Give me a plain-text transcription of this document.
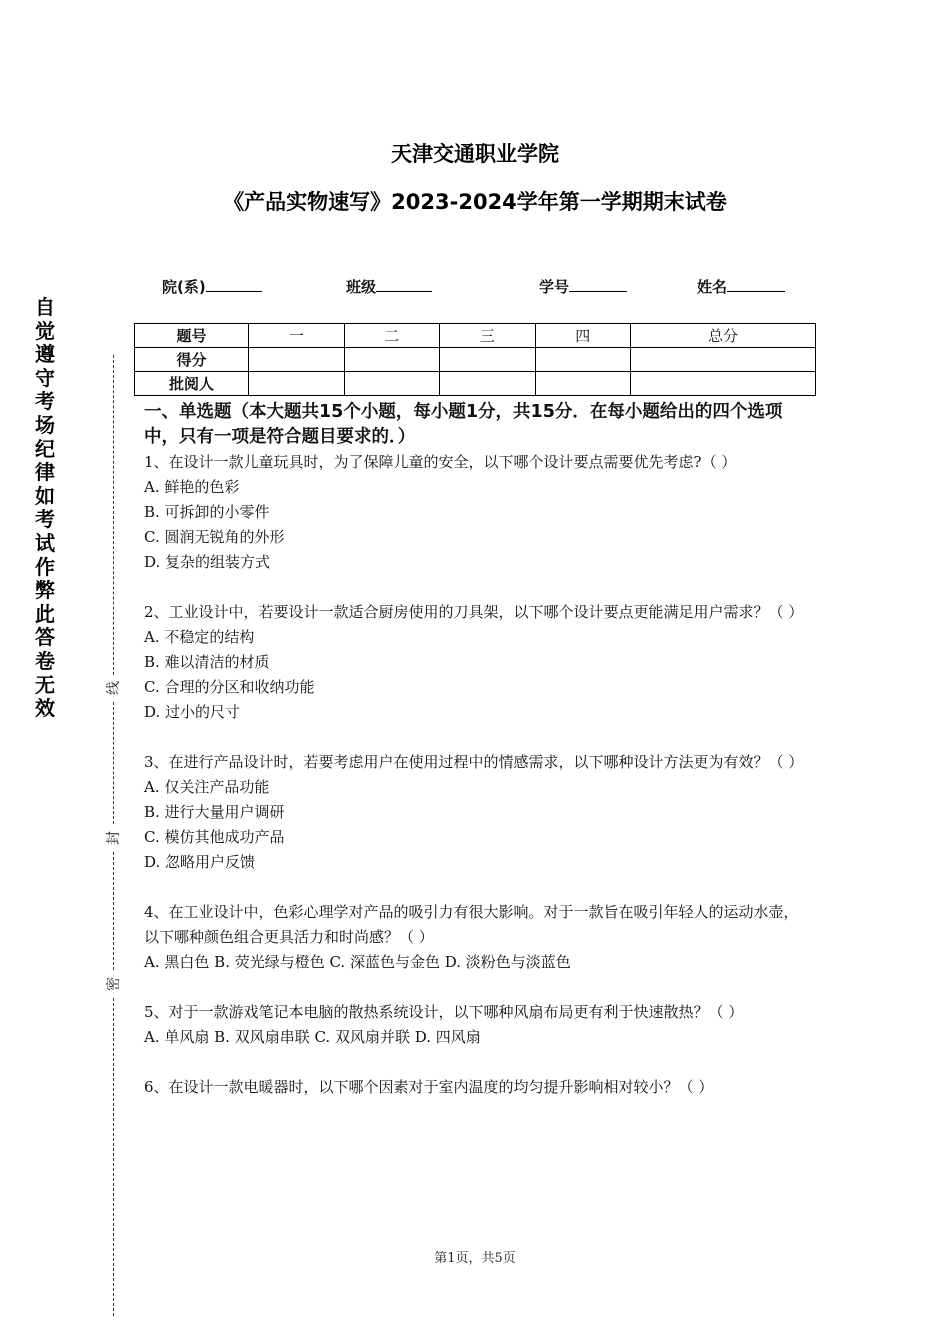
天津交通职业学院
《产品实物速写》2023-2024学年第一学期期末试卷
院(系)	班级	学号	姓名
题号	一	二	三	四	总分
得分					
批阅人					
自
觉
遵
守
考
场
纪
律
如
考
试
作
弊
此
答
卷
无
效
线
封
密

一、单选题（本大题共15个小题，每小题1分，共15分．在每小题给出的四个选项中，只有一项是符合题目要求的．）

1、在设计一款儿童玩具时，为了保障儿童的安全，以下哪个设计要点需要优先考虑?（ ）

A. 鲜艳的色彩

B. 可拆卸的小零件

C. 圆润无锐角的外形

D. 复杂的组装方式

2、工业设计中，若要设计一款适合厨房使用的刀具架，以下哪个设计要点更能满足用户需求？（ ）

A. 不稳定的结构

B. 难以清洁的材质

C. 合理的分区和收纳功能

D. 过小的尺寸

3、在进行产品设计时，若要考虑用户在使用过程中的情感需求，以下哪种设计方法更为有效？（ ）

A. 仅关注产品功能

B. 进行大量用户调研

C. 模仿其他成功产品

D. 忽略用户反馈

4、在工业设计中，色彩心理学对产品的吸引力有很大影响。对于一款旨在吸引年轻人的运动水壶，以下哪种颜色组合更具活力和时尚感？（ ）

A. 黑白色 B. 荧光绿与橙色 C. 深蓝色与金色 D. 淡粉色与淡蓝色

5、对于一款游戏笔记本电脑的散热系统设计，以下哪种风扇布局更有利于快速散热？（ ）

A. 单风扇 B. 双风扇串联 C. 双风扇并联 D. 四风扇

6、在设计一款电暖器时，以下哪个因素对于室内温度的均匀提升影响相对较小？（ ）

第1页，共5页
